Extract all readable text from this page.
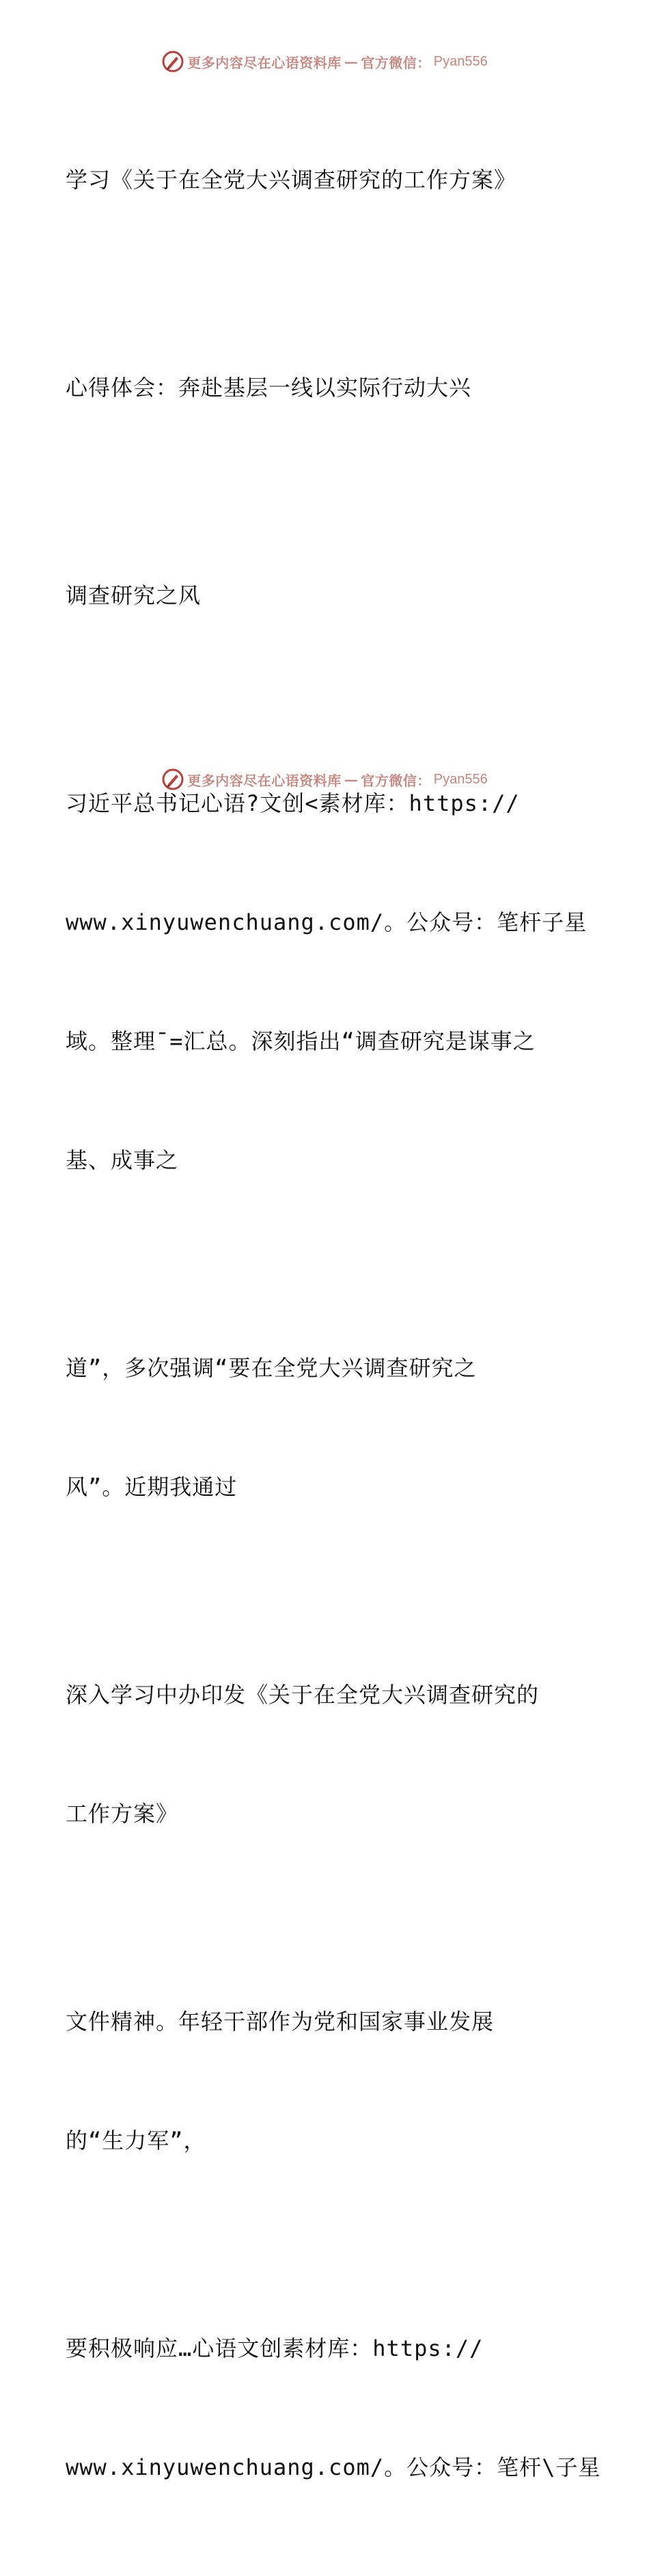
更多内容尽在心语资料库 — 官方微信： Pyan556

学习《关于在全党大兴调查研究的工作方案》

心得体会：奔赴基层一线以实际行动大兴

调查研究之风

习近平总书记心语?文创<素材库：https://

www.xinyuwenchuang.com/。公众号：笔杆子星

域。整理¯=汇总。深刻指出“调查研究是谋事之

基、成事之

道”，多次强调“要在全党大兴调查研究之

风”。近期我通过

深入学习中办印发《关于在全党大兴调查研究的

工作方案》

文件精神。年轻干部作为党和国家事业发展

的“生力军”，

要积极响应…心语文创素材库：https://

www.xinyuwenchuang.com/。公众号：笔杆\子星

更多内容尽在心语资料库 — 官方微信： Pyan556
